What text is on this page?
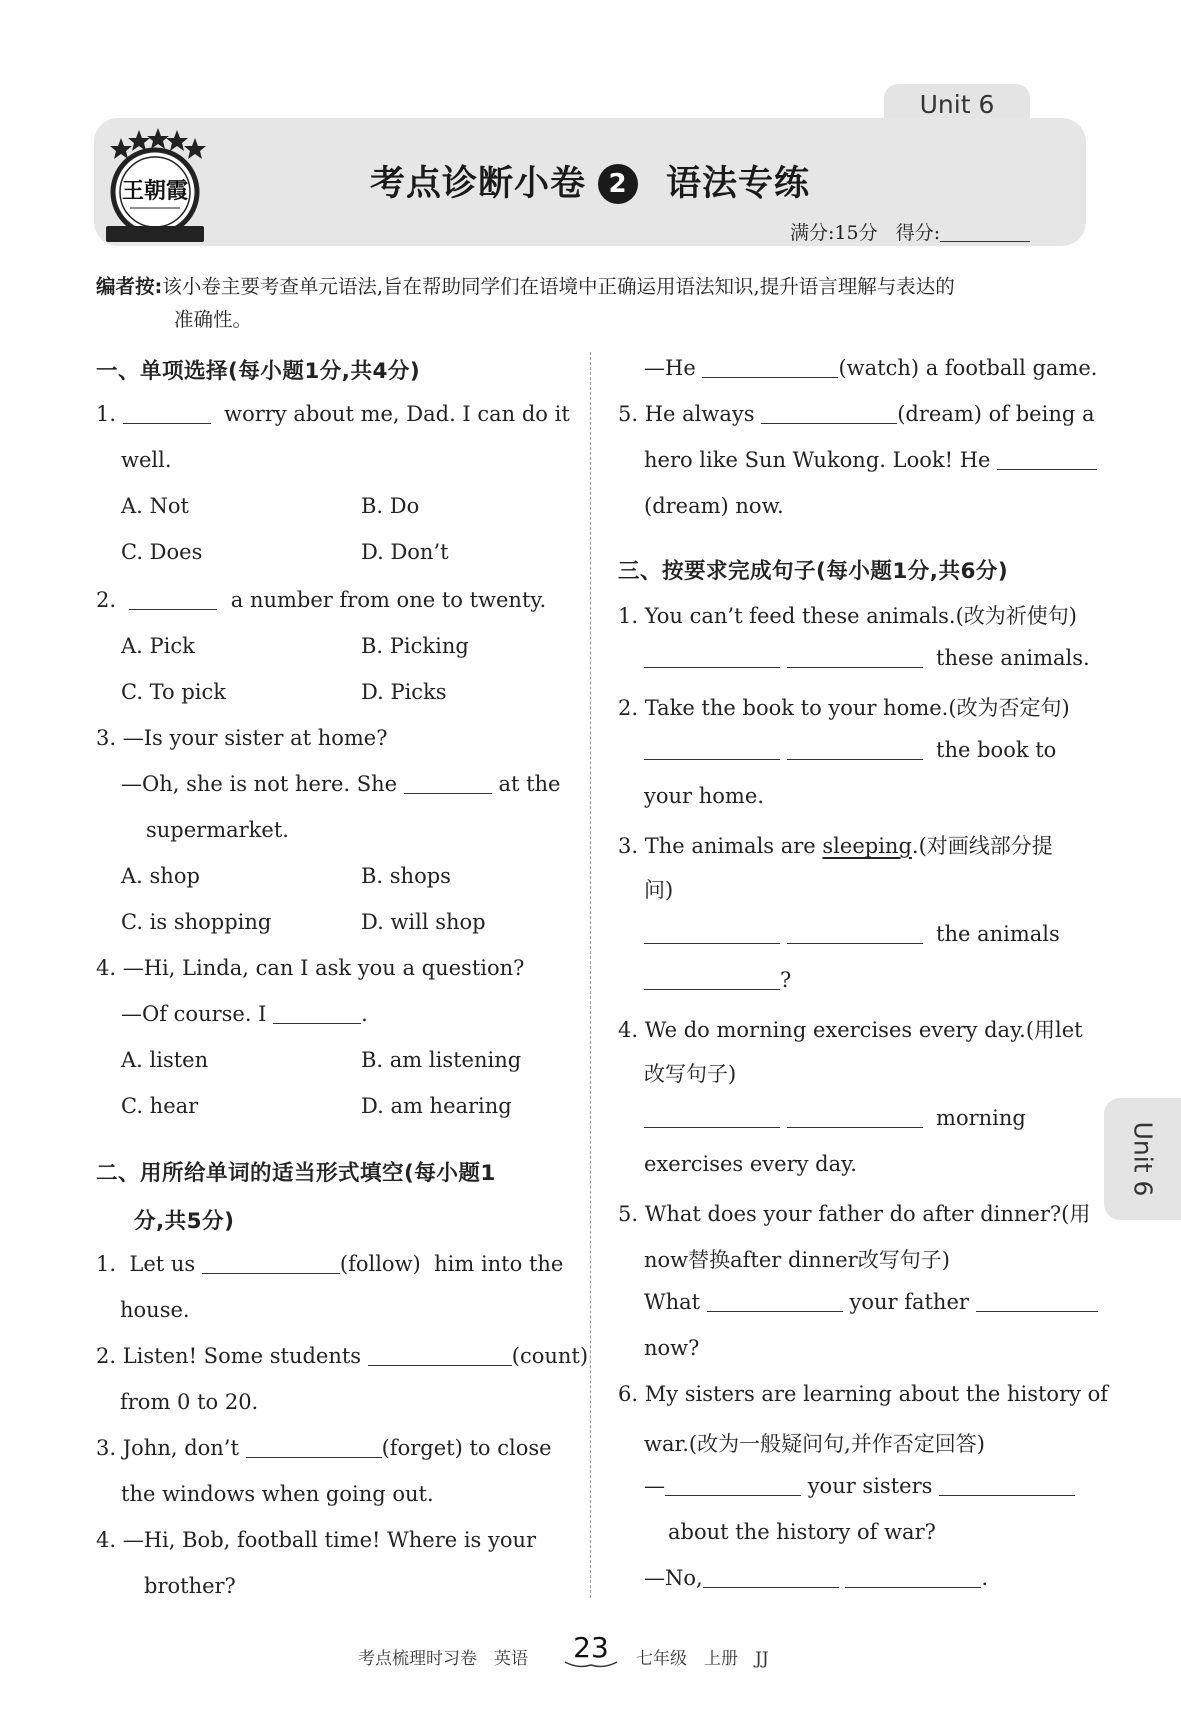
Unit 6
王朝霞	考点诊断小卷 2 语法专练
满分:15分 得分:
编者按:该小卷主要考查单元语法,旨在帮助同学们在语境中正确运用语法知识,提升语言理解与表达的
准确性。
一、单项选择(每小题1分,共4分)
1.	worry about me, Dad. I can do it
well.
A. Not	B. Do
C. Does	D. Don’t
2.	a number from one to twenty.
A. Pick	B. Picking
C. To pick	D. Picks
3. —Is your sister at home?
—Oh, she is not here. She	at the
supermarket.
A. shop	B. shops
C. is shopping	D. will shop
4. —Hi, Linda, can I ask you a question?
—Of course. I	.
A. listen	B. am listening
C. hear	D. am hearing
二、用所给单词的适当形式填空(每小题1
分,共5分)
1. Let us	(follow) him into the
house.
2. Listen! Some students	(count)
from 0 to 20.
3. John, don’t	(forget) to close
the windows when going out.
4. —Hi, Bob, football time! Where is your
brother?
—He	(watch) a football game.
5. He always	(dream) of being a
hero like Sun Wukong. Look! He
(dream) now.
三、按要求完成句子(每小题1分,共6分)
1. You can’t feed these animals.(改为祈使句)
these animals.
2. Take the book to your home.(改为否定句)
the book to
your home.
3. The animals are sleeping.(对画线部分提
问)
the animals
?
4. We do morning exercises every day.(用let
改写句子)
morning
exercises every day.
5. What does your father do after dinner?(用
now替换after dinner改写句子)
What	your father
now?
6. My sisters are learning about the history of
war.(改为一般疑问句,并作否定回答)
—	your sisters
about the history of war?
—No,	.
Unit 6
考点梳理时习卷　英语 23	七年级　上册　JJ
